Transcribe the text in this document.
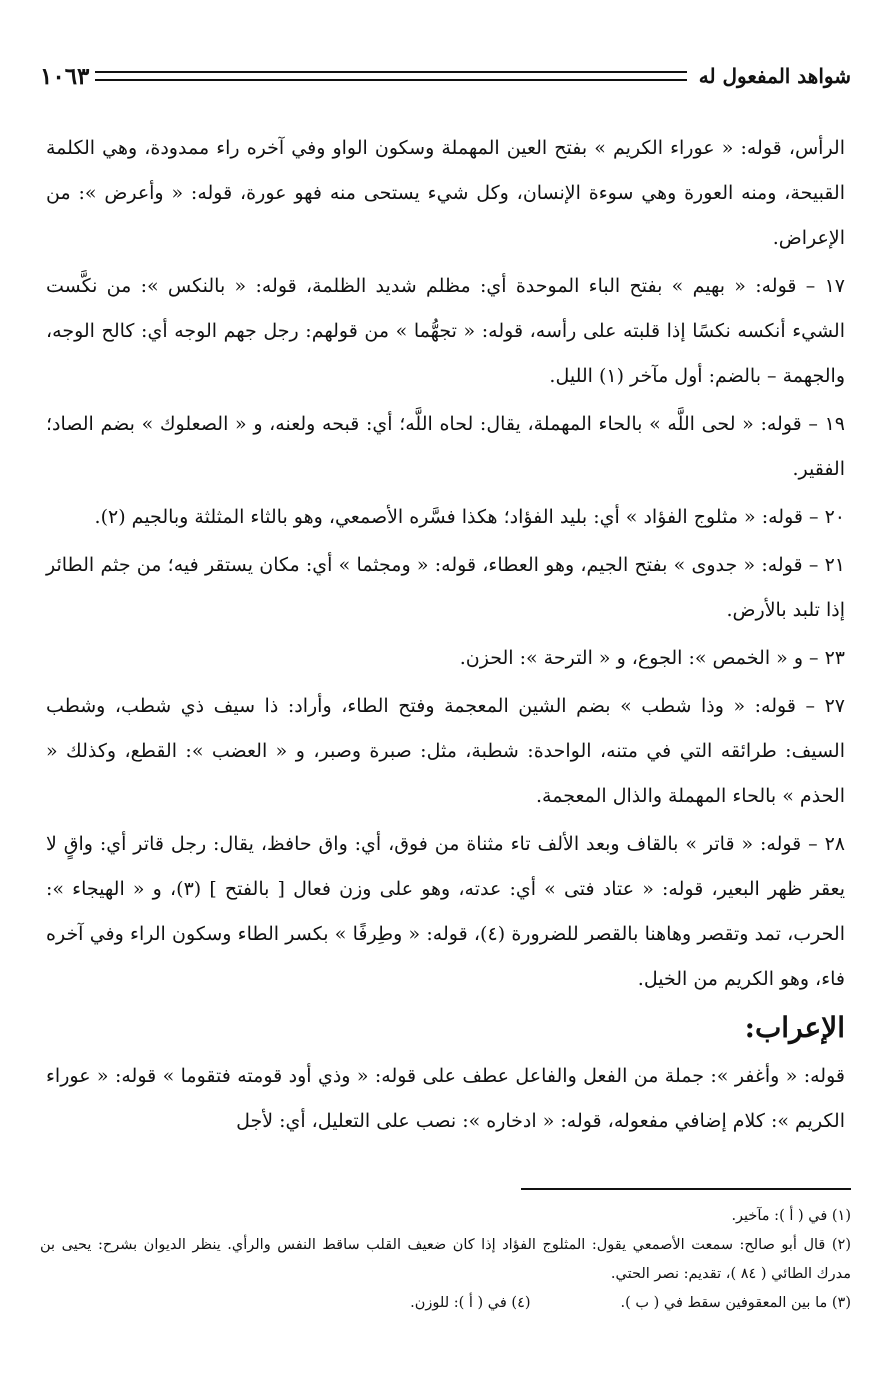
شواهد المفعول له
١٠٦٣

الرأس، قوله: « عوراء الكريم » بفتح العين المهملة وسكون الواو وفي آخره راء ممدودة، وهي الكلمة القبيحة، ومنه العورة وهي سوءة الإنسان، وكل شيء يستحى منه فهو عورة، قوله: « وأعرض »: من الإعراض.

١٧ – قوله: « بهيم » بفتح الباء الموحدة أي: مظلم شديد الظلمة، قوله: « بالنكس »: من نكَّست الشيء أنكسه نكسًا إذا قلبته على رأسه، قوله: « تجهُّما » من قولهم: رجل جهم الوجه أي: كالح الوجه، والجهمة – بالضم: أول مآخر (١) الليل.

١٩ – قوله: « لحى اللَّه » بالحاء المهملة، يقال: لحاه اللَّه؛ أي: قبحه ولعنه، و « الصعلوك » بضم الصاد؛ الفقير.

٢٠ – قوله: « مثلوج الفؤاد » أي: بليد الفؤاد؛ هكذا فسَّره الأصمعي، وهو بالثاء المثلثة وبالجيم (٢).

٢١ – قوله: « جدوى » بفتح الجيم، وهو العطاء، قوله: « ومجثما » أي: مكان يستقر فيه؛ من جثم الطائر إذا تلبد بالأرض.

٢٣ – و « الخمص »: الجوع، و « الترحة »: الحزن.

٢٧ – قوله: « وذا شطب » بضم الشين المعجمة وفتح الطاء، وأراد: ذا سيف ذي شطب، وشطب السيف: طرائقه التي في متنه، الواحدة: شطبة، مثل: صبرة وصبر، و « العضب »: القطع، وكذلك « الحذم » بالحاء المهملة والذال المعجمة.

٢٨ – قوله: « قاتر » بالقاف وبعد الألف تاء مثناة من فوق، أي: واق حافظ، يقال: رجل قاتر أي: واقٍ لا يعقر ظهر البعير، قوله: « عتاد فتى » أي: عدته، وهو على وزن فعال [ بالفتح ] (٣)، و « الهيجاء »: الحرب، تمد وتقصر وهاهنا بالقصر للضرورة (٤)، قوله: « وطِرفًا » بكسر الطاء وسكون الراء وفي آخره فاء، وهو الكريم من الخيل.

الإعراب:

قوله: « وأغفر »: جملة من الفعل والفاعل عطف على قوله: « وذي أود قومته فتقوما » قوله: « عوراء الكريم »: كلام إضافي مفعوله، قوله: « ادخاره »: نصب على التعليل، أي: لأجل

(١) في ( أ ): مآخير.

(٢) قال أبو صالح: سمعت الأصمعي يقول: المثلوج الفؤاد إذا كان ضعيف القلب ساقط النفس والرأي. ينظر الديوان بشرح: يحيى بن مدرك الطائي ( ٨٤ )، تقديم: نصر الحتي.

(٣) ما بين المعقوفين سقط في ( ب ).

(٤) في ( أ ): للوزن.
